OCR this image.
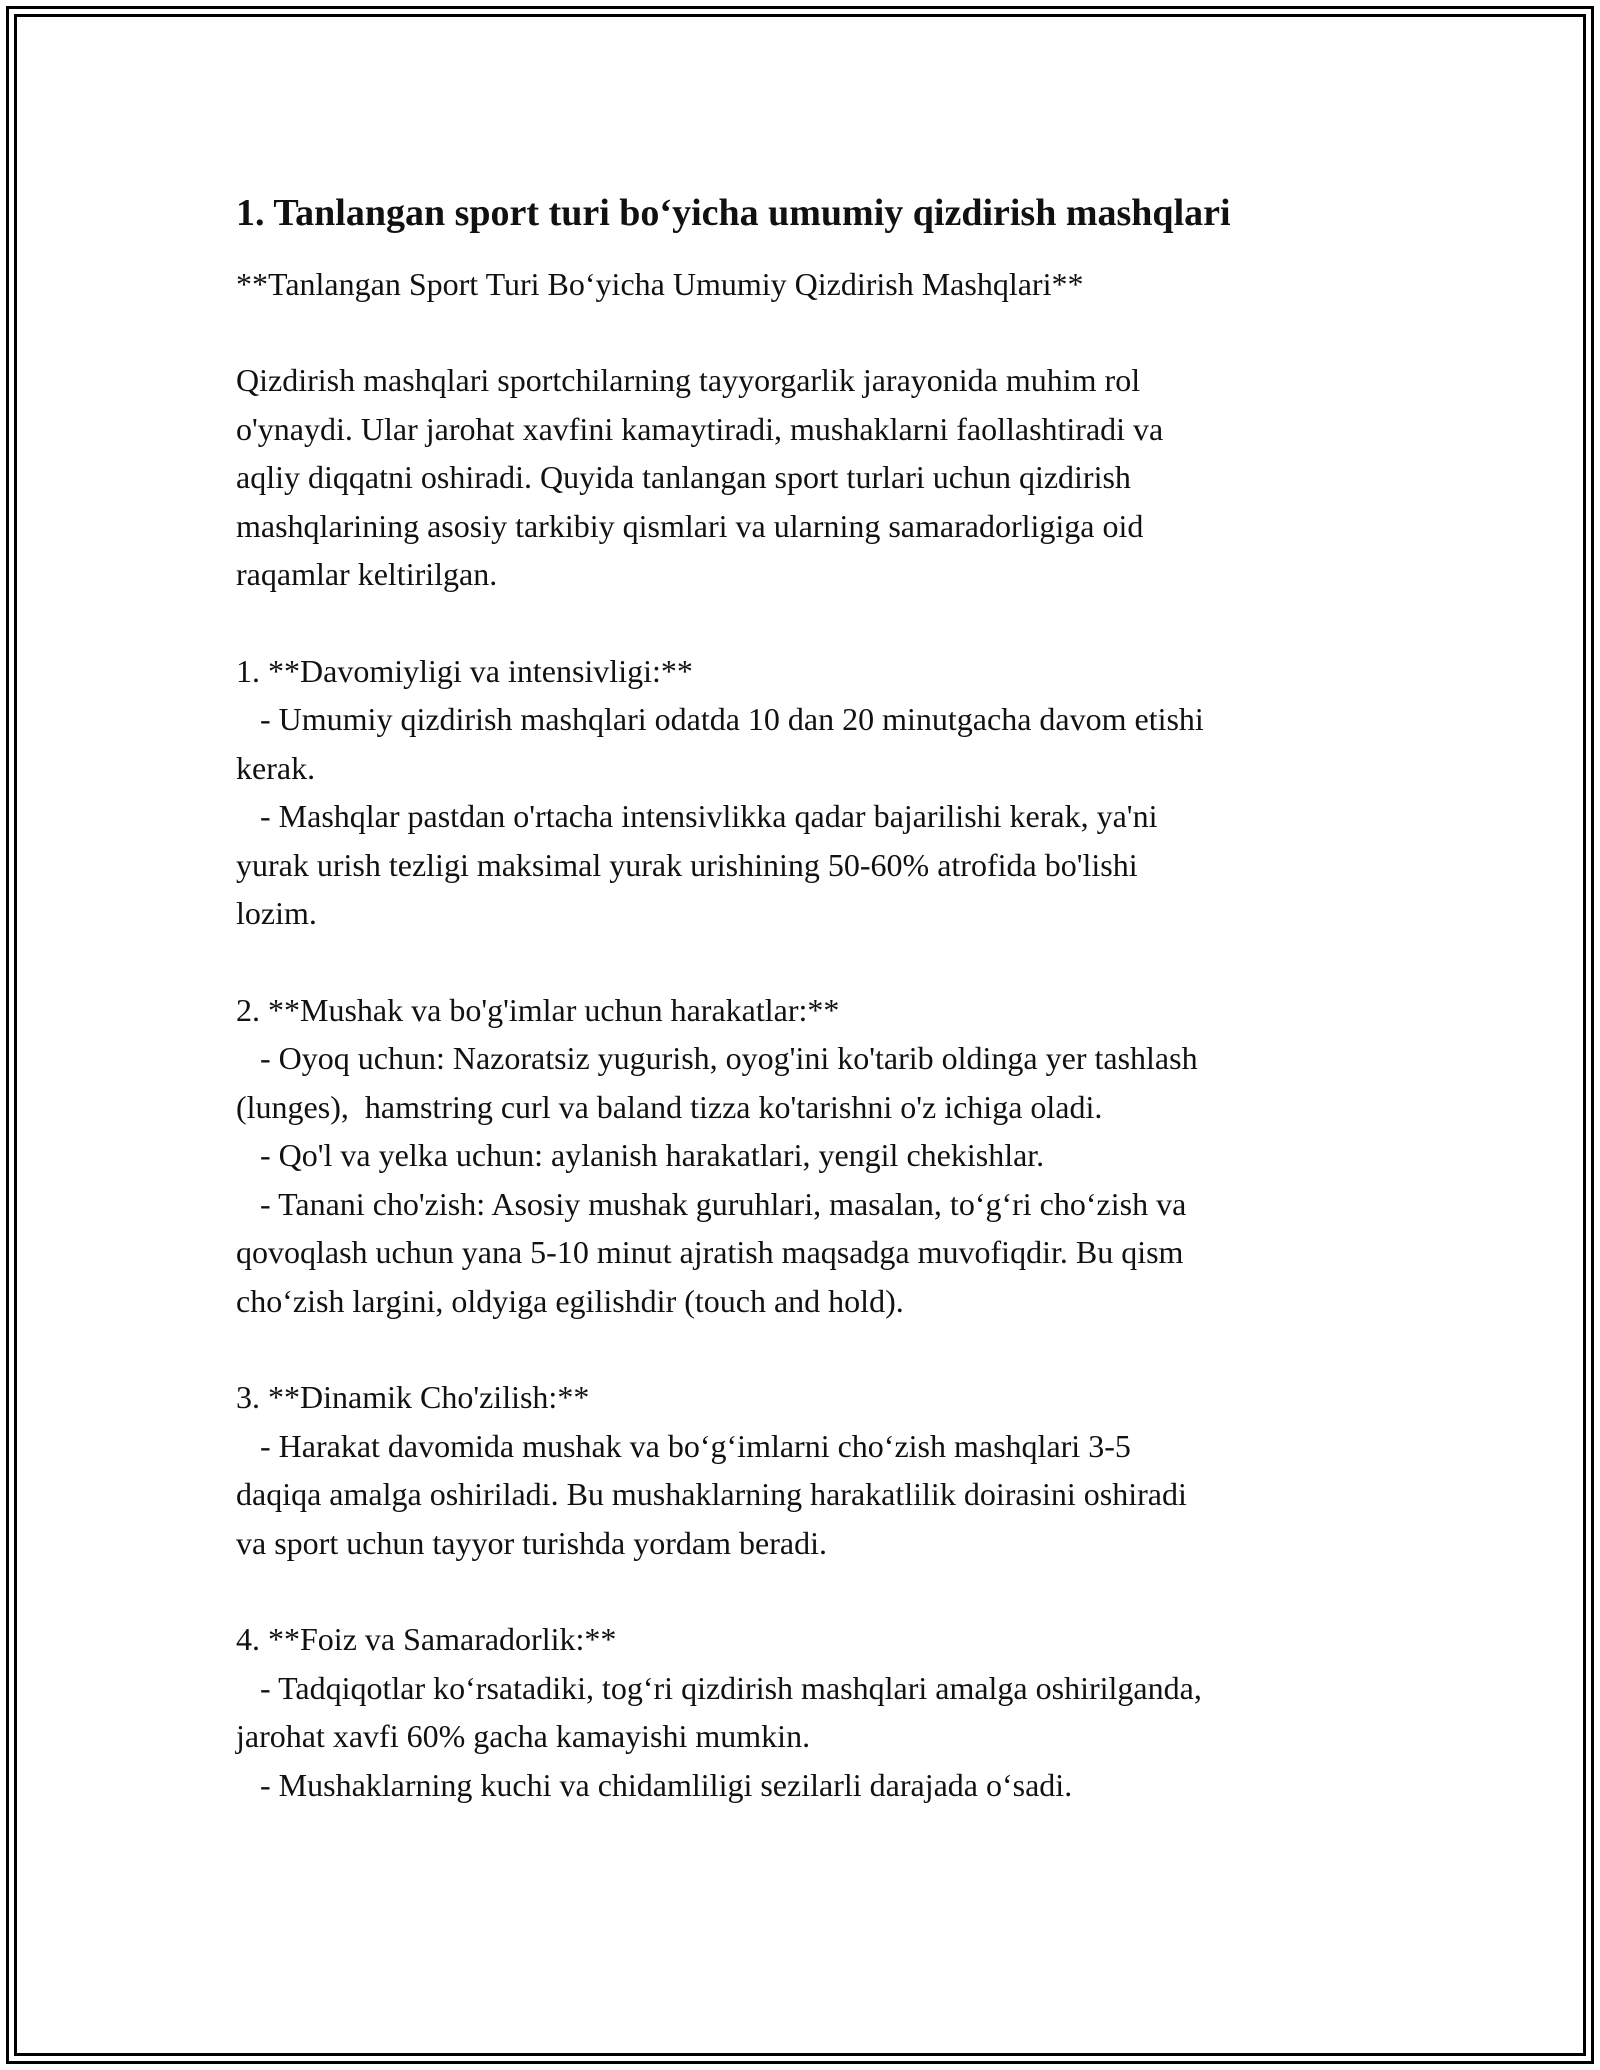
1. Tanlangan sport turi bo‘yicha umumiy qizdirish mashqlari

**Tanlangan Sport Turi Bo‘yicha Umumiy Qizdirish Mashqlari**

Qizdirish mashqlari sportchilarning tayyorgarlik jarayonida muhim rol
o'ynaydi. Ular jarohat xavfini kamaytiradi, mushaklarni faollashtiradi va
aqliy diqqatni oshiradi. Quyida tanlangan sport turlari uchun qizdirish
mashqlarining asosiy tarkibiy qismlari va ularning samaradorligiga oid
raqamlar keltirilgan.

1. **Davomiyligi va intensivligi:**

- Umumiy qizdirish mashqlari odatda 10 dan 20 minutgacha davom etishi
kerak.
- Mashqlar pastdan o'rtacha intensivlikka qadar bajarilishi kerak, ya'ni
yurak urish tezligi maksimal yurak urishining 50-60% atrofida bo'lishi
lozim.

2. **Mushak va bo'g'imlar uchun harakatlar:**

- Oyoq uchun: Nazoratsiz yugurish, oyog'ini ko'tarib oldinga yer tashlash
(lunges),  hamstring curl va baland tizza ko'tarishni o'z ichiga oladi.
- Qo'l va yelka uchun: aylanish harakatlari, yengil chekishlar.
- Tanani cho'zish: Asosiy mushak guruhlari, masalan, to‘g‘ri cho‘zish va
qovoqlash uchun yana 5-10 minut ajratish maqsadga muvofiqdir. Bu qism
cho‘zish largini, oldyiga egilishdir (touch and hold).

3. **Dinamik Cho'zilish:**

- Harakat davomida mushak va bo‘g‘imlarni cho‘zish mashqlari 3-5
daqiqa amalga oshiriladi. Bu mushaklarning harakatlilik doirasini oshiradi
va sport uchun tayyor turishda yordam beradi.

4. **Foiz va Samaradorlik:**

- Tadqiqotlar ko‘rsatadiki, tog‘ri qizdirish mashqlari amalga oshirilganda,
jarohat xavfi 60% gacha kamayishi mumkin.
- Mushaklarning kuchi va chidamliligi sezilarli darajada o‘sadi.
